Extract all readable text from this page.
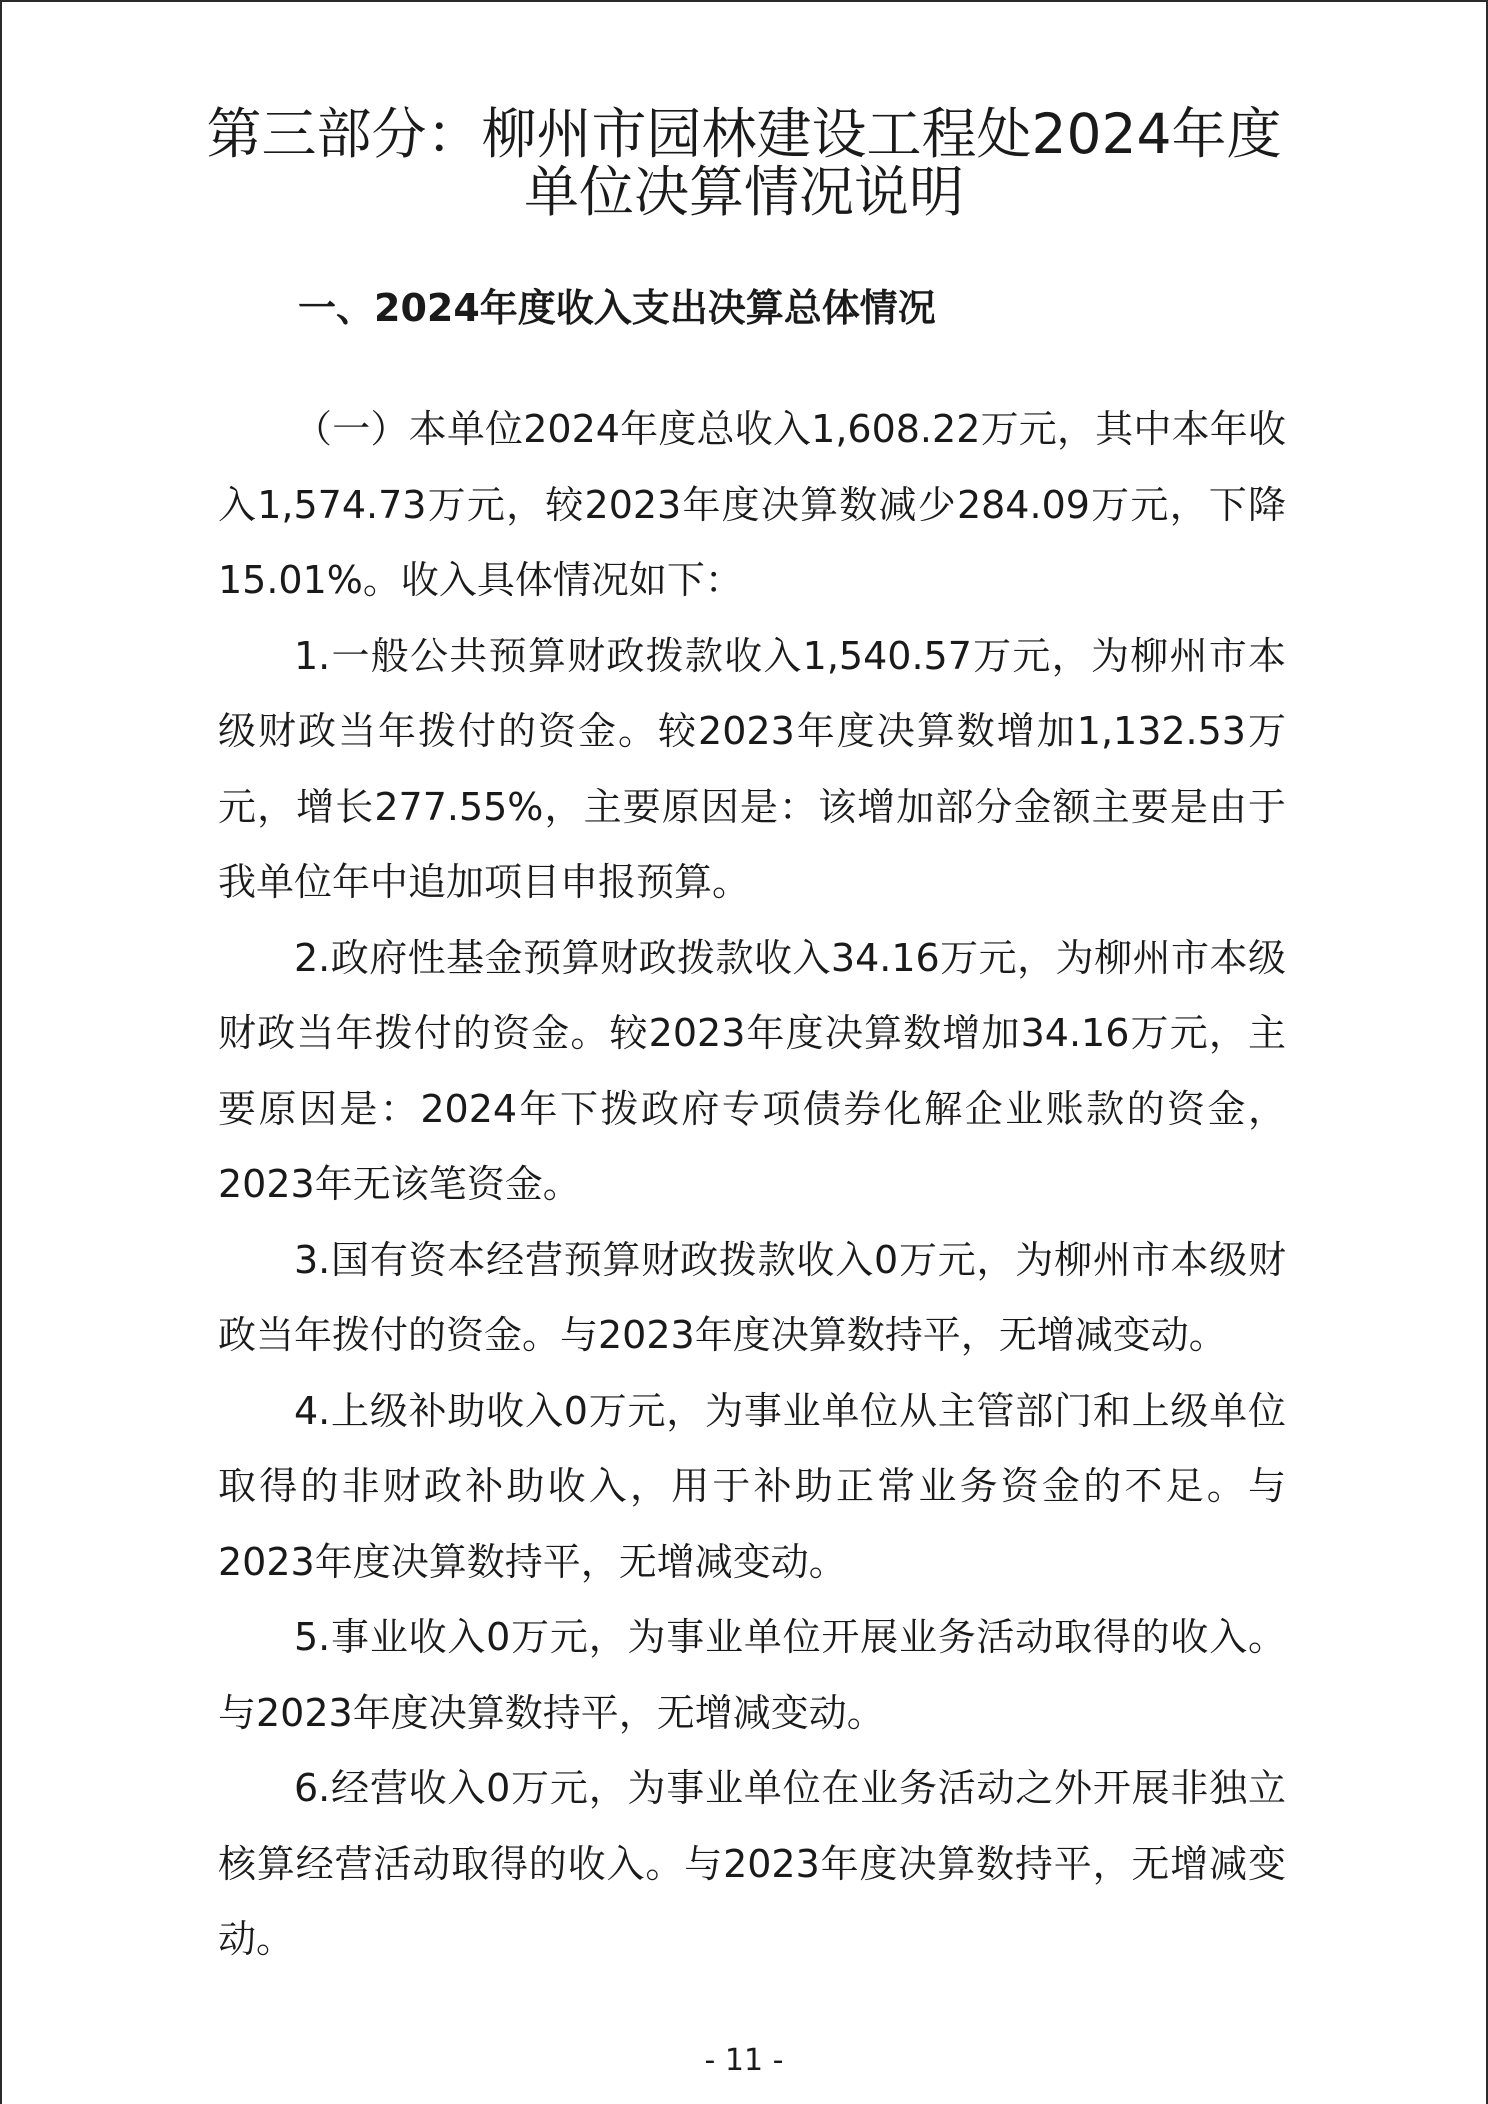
第三部分：柳州市园林建设工程处2024年度
单位决算情况说明
一、2024年度收入支出决算总体情况

（一）本单位2024年度总收入1,608.22万元，其中本年收入1,574.73万元，较2023年度决算数减少284.09万元，下降15.01%。收入具体情况如下：

1.一般公共预算财政拨款收入1,540.57万元，为柳州市本级财政当年拨付的资金。较2023年度决算数增加1,132.53万元，增长277.55%，主要原因是：该增加部分金额主要是由于我单位年中追加项目申报预算。

2.政府性基金预算财政拨款收入34.16万元，为柳州市本级财政当年拨付的资金。较2023年度决算数增加34.16万元，主要原因是：2024年下拨政府专项债券化解企业账款的资金，2023年无该笔资金。

3.国有资本经营预算财政拨款收入0万元，为柳州市本级财政当年拨付的资金。与2023年度决算数持平，无增减变动。

4.上级补助收入0万元，为事业单位从主管部门和上级单位取得的非财政补助收入，用于补助正常业务资金的不足。与2023年度决算数持平，无增减变动。

5.事业收入0万元，为事业单位开展业务活动取得的收入。与2023年度决算数持平，无增减变动。

6.经营收入0万元，为事业单位在业务活动之外开展非独立核算经营活动取得的收入。与2023年度决算数持平，无增减变动。

- 11 -
